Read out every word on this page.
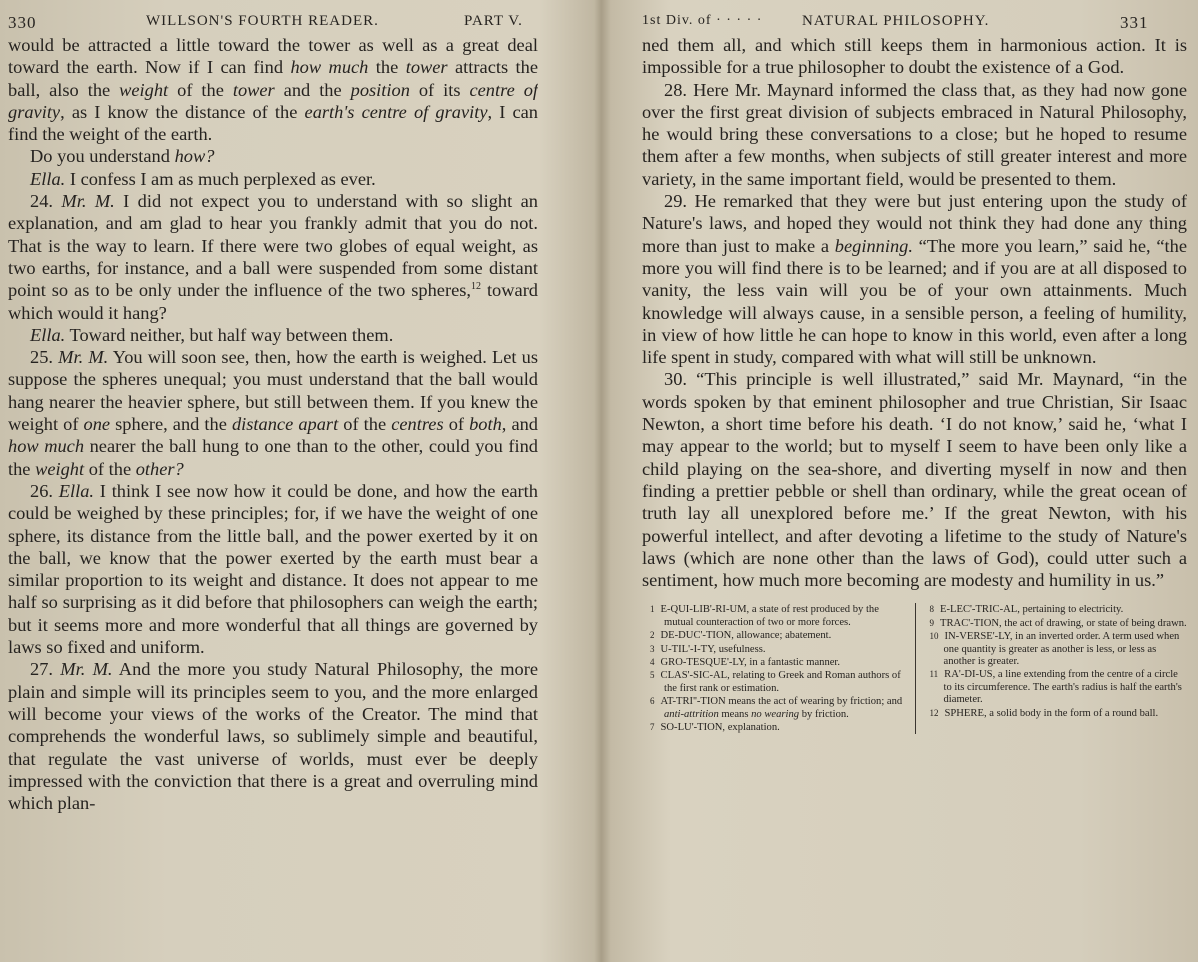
330	WILLSON'S FOURTH READER.	PART V.

would be attracted a little toward the tower as well as a great deal toward the earth. Now if I can find how much the tower attracts the ball, also the weight of the tower and the position of its centre of gravity, as I know the distance of the earth's centre of gravity, I can find the weight of the earth.

Do you understand how?

Ella. I confess I am as much perplexed as ever.

24. Mr. M. I did not expect you to understand with so slight an explanation, and am glad to hear you frankly admit that you do not. That is the way to learn. If there were two globes of equal weight, as two earths, for instance, and a ball were suspended from some distant point so as to be only under the influence of the two spheres,$^{12}$ toward which would it hang?

Ella. Toward neither, but half way between them.

25. Mr. M. You will soon see, then, how the earth is weighed. Let us suppose the spheres unequal; you must understand that the ball would hang nearer the heavier sphere, but still between them. If you knew the weight of one sphere, and the distance apart of the centres of both, and how much nearer the ball hung to one than to the other, could you find the weight of the other?

26. Ella. I think I see now how it could be done, and how the earth could be weighed by these principles; for, if we have the weight of one sphere, its distance from the little ball, and the power exerted by it on the ball, we know that the power exerted by the earth must bear a similar proportion to its weight and distance. It does not appear to me half so surprising as it did before that philosophers can weigh the earth; but it seems more and more wonderful that all things are governed by laws so fixed and uniform.

27. Mr. M. And the more you study Natural Philosophy, the more plain and simple will its principles seem to you, and the more enlarged will become your views of the works of the Creator. The mind that comprehends the wonderful laws, so sublimely simple and beautiful, that regulate the vast universe of worlds, must ever be deeply impressed with the conviction that there is a great and overruling mind which plan-

1st Div. of · · · · ·	NATURAL PHILOSOPHY.	331

ned them all, and which still keeps them in harmonious action. It is impossible for a true philosopher to doubt the existence of a God.

28. Here Mr. Maynard informed the class that, as they had now gone over the first great division of subjects embraced in Natural Philosophy, he would bring these conversations to a close; but he hoped to resume them after a few months, when subjects of still greater interest and more variety, in the same important field, would be presented to them.

29. He remarked that they were but just entering upon the study of Nature's laws, and hoped they would not think they had done any thing more than just to make a beginning. “The more you learn,” said he, “the more you will find there is to be learned; and if you are at all disposed to vanity, the less vain will you be of your own attainments. Much knowledge will always cause, in a sensible person, a feeling of humility, in view of how little he can hope to know in this world, even after a long life spent in study, compared with what will still be unknown.

30. “This principle is well illustrated,” said Mr. Maynard, “in the words spoken by that eminent philosopher and true Christian, Sir Isaac Newton, a short time before his death. ‘I do not know,’ said he, ‘what I may appear to the world; but to myself I seem to have been only like a child playing on the sea-shore, and diverting myself in now and then finding a prettier pebble or shell than ordinary, while the great ocean of truth lay all unexplored before me.’ If the great Newton, with his powerful intellect, and after devoting a lifetime to the study of Nature's laws (which are none other than the laws of God), could utter such a sentiment, how much more becoming are modesty and humility in us.”

1 E-QUI-LIB'-RI-UM, a state of rest produced by the mutual counteraction of two or more forces.
2 DE-DUC'-TION, allowance; abatement.
3 U-TIL'-I-TY, usefulness.
4 GRO-TESQUE'-LY, in a fantastic manner.
5 CLAS'-SIC-AL, relating to Greek and Roman authors of the first rank or estimation.
6 AT-TRI''-TION means the act of wearing by friction; and anti-attrition means no wearing by friction.
7 SO-LU'-TION, explanation.
8 E-LEC'-TRIC-AL, pertaining to electricity.
9 TRAC'-TION, the act of drawing, or state of being drawn.
10 IN-VERSE'-LY, in an inverted order. A term used when one quantity is greater as another is less, or less as another is greater.
11 RA'-DI-US, a line extending from the centre of a circle to its circumference. The earth's radius is half the earth's diameter.
12 SPHERE, a solid body in the form of a round ball.
